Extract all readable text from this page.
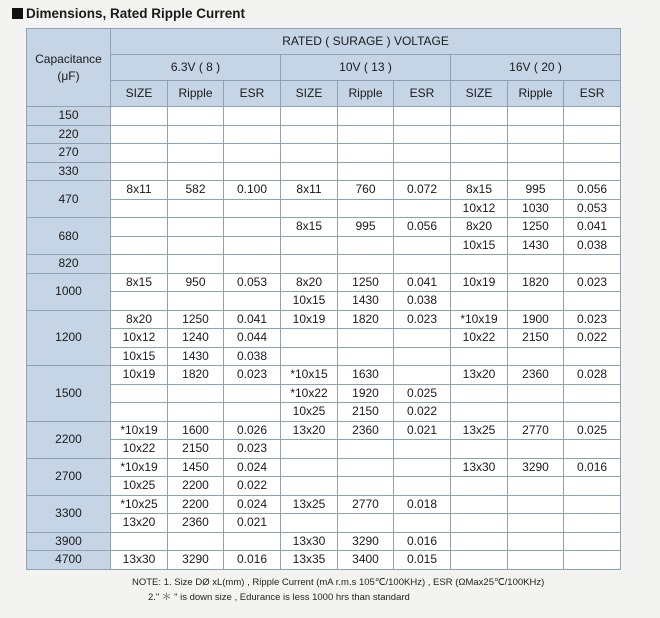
Dimensions, Rated Ripple Current
Capacitance
(μF)	RATED ( SURAGE ) VOLTAGE								
	6.3V ( 8 )			10V ( 13 )			16V ( 20 )		
	SIZE	Ripple	ESR	SIZE	Ripple	ESR	SIZE	Ripple	ESR
150									
220									
270									
330									
470	8x11	582	0.100	8x11	760	0.072	8x15	995	0.056
							10x12	1030	0.053
680				8x15	995	0.056	8x20	1250	0.041
							10x15	1430	0.038
820									
1000	8x15	950	0.053	8x20	1250	0.041	10x19	1820	0.023
				10x15	1430	0.038			
1200	8x20	1250	0.041	10x19	1820	0.023	*10x19	1900	0.023
	10x12	1240	0.044				10x22	2150	0.022
	10x15	1430	0.038						
1500	10x19	1820	0.023	*10x15	1630		13x20	2360	0.028
				*10x22	1920	0.025			
				10x25	2150	0.022			
2200	*10x19	1600	0.026	13x20	2360	0.021	13x25	2770	0.025
	10x22	2150	0.023						
2700	*10x19	1450	0.024				13x30	3290	0.016
	10x25	2200	0.022						
3300	*10x25	2200	0.024	13x25	2770	0.018			
	13x20	2360	0.021						
3900				13x30	3290	0.016			
4700	13x30	3290	0.016	13x35	3400	0.015			
NOTE: 1. Size DØ xL(mm) , Ripple Current (mA r.m.s 105℃/100KHz) , ESR (ΩMax25℃/100KHz)
2." ＊ " is down size , Edurance is less 1000 hrs than standard
